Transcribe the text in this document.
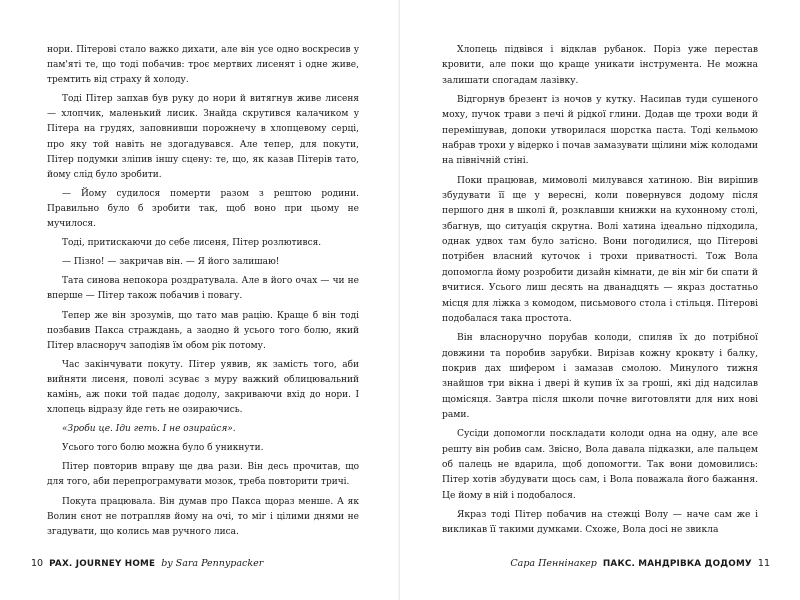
нори. Пітерові стало важко дихати, але він усе одно воскресив у пам'яті те, що тоді побачив: троє мертвих лисенят і одне живе, тремтить від страху й холоду.

Тоді Пітер запхав був руку до нори й витягнув живе лисеня — хлопчик, маленький лисик. Знайда скрутився калачиком у Пітера на грудях, заповнивши порожнечу в хлопцевому серці, про яку той навіть не здогадувався. Але тепер, для покути, Пітер подумки зліпив іншу сцену: те, що, як казав Пітерів тато, йому слід було зробити.

— Йому судилося померти разом з рештою родини. Правильно було б зробити так, щоб воно при цьому не мучилося.

Тоді, притискаючи до себе лисеня, Пітер розлютився.

— Пізно! — закричав він. — Я його залишаю!

Тата синова непокора роздратувала. Але в його очах — чи не вперше — Пітер також побачив і повагу.

Тепер же він зрозумів, що тато мав рацію. Краще б він тоді позбавив Пакса страждань, а заодно й усього того болю, який Пітер власноруч заподіяв їм обом рік потому.

Час закінчувати покуту. Пітер уявив, як замість того, аби вийняти лисеня, поволі зсуває з муру важкий облицювальний камінь, аж поки той падає додолу, закриваючи вхід до нори. І хлопець відразу йде геть не озираючись.

«Зроби це. Іди геть. І не озирайся».

Усього того болю можна було б уникнути.

Пітер повторив вправу ще два рази. Він десь прочитав, що для того, аби перепрограмувати мозок, треба повторити тричі.

Покута працювала. Він думав про Пакса щораз менше. А як Волин єнот не потрапляв йому на очі, то міг і цілими днями не згадувати, що колись мав ручного лиса.

10 PAX. JOURNEY HOME by Sara Pennypacker

Хлопець підвівся і відклав рубанок. Поріз уже перестав кровити, але поки що краще уникати інструмента. Не можна залишати спогадам лазівку.

Відгорнув брезент із ночов у кутку. Насипав туди сушеного моху, пучок трави з печі й рідкої глини. Додав ще трохи води й перемішував, допоки утворилася шорстка паста. Тоді кельмою набрав трохи у відерко і почав замазувати щілини між колодами на північній стіні.

Поки працював, мимоволі милувався хатиною. Він вирішив збудувати її ще у вересні, коли повернувся додому після першого дня в школі й, розклавши книжки на кухонному столі, збагнув, що ситуація скрутна. Волі хатина ідеально підходила, однак удвох там було затісно. Вони погодилися, що Пітерові потрібен власний куточок і трохи приватності. Тож Вола допомогла йому розробити дизайн кімнати, де він міг би спати й вчитися. Усього лиш десять на дванадцять — якраз достатньо місця для ліжка з комодом, письмового стола і стільця. Пітерові подобалася така простота.

Він власноручно порубав колоди, спиляв їх до потрібної довжини та поробив зарубки. Вирізав кожну кроквту і балку, покрив дах шифером і замазав смолою. Минулого тижня знайшов три вікна і двері й купив їх за гроші, які дід надсилав щомісяця. Завтра після школи почне виготовляти для них нові рами.

Сусіди допомогли поскладати колоди одна на одну, але все решту він робив сам. Звісно, Вола давала підказки, але пальцем об палець не вдарила, щоб допомогти. Так вони домовились: Пітер хотів збудувати щось сам, і Вола поважала його бажання. Це йому в ній і подобалося.

Якраз тоді Пітер побачив на стежці Волу — наче сам же і викликав її такими думками. Схоже, Вола досі не звикла

Сара Пеннінакер ПАКС. МАНДРІВКА ДОДОМУ 11
